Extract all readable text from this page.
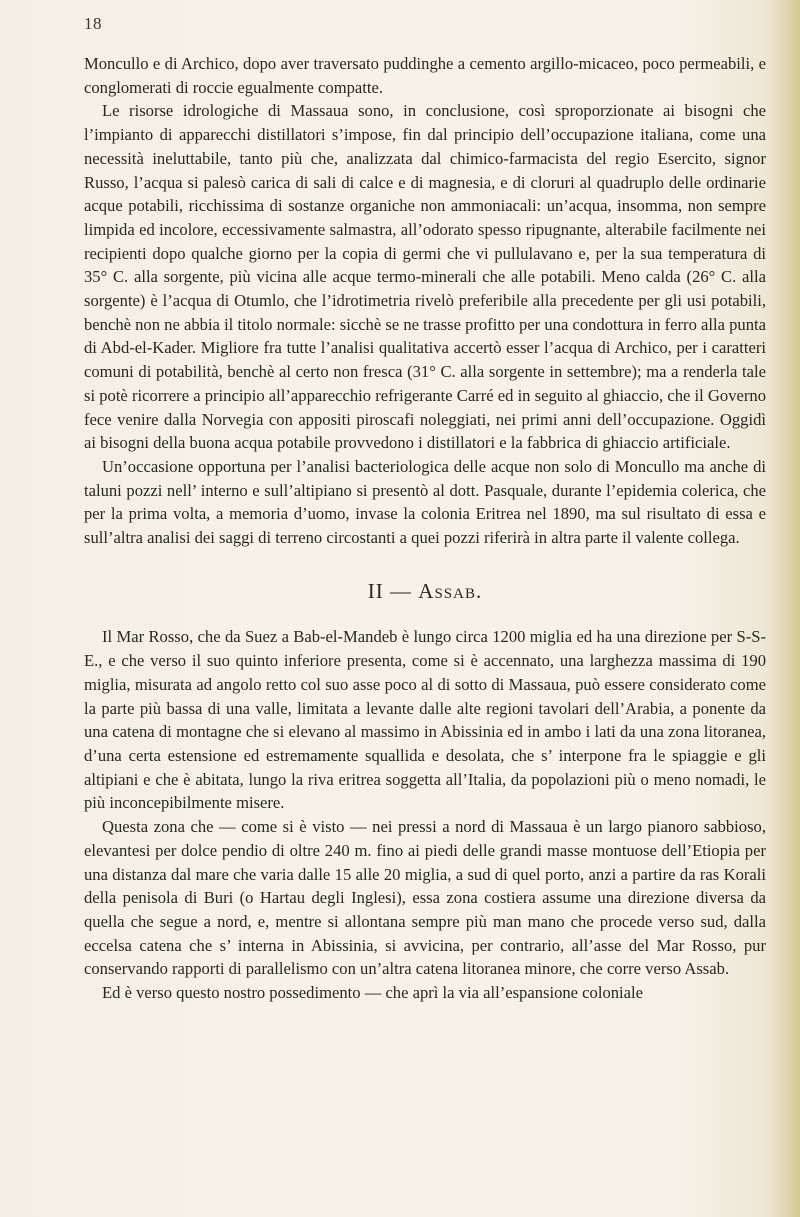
18

Moncullo e di Archico, dopo aver traversato puddinghe a cemento argillo-micaceo, poco permeabili, e conglomerati di roccie egualmente compatte.

Le risorse idrologiche di Massaua sono, in conclusione, così sproporzionate ai bisogni che l’impianto di apparecchi distillatori s’impose, fin dal principio dell’occupazione italiana, come una necessità ineluttabile, tanto più che, analizzata dal chimico-farmacista del regio Esercito, signor Russo, l’acqua si palesò carica di sali di calce e di magnesia, e di cloruri al quadruplo delle ordinarie acque potabili, ricchissima di sostanze organiche non ammoniacali: un’acqua, insomma, non sempre limpida ed incolore, eccessivamente salmastra, all’odorato spesso ripugnante, alterabile facilmente nei recipienti dopo qualche giorno per la copia di germi che vi pullulavano e, per la sua temperatura di 35° C. alla sorgente, più vicina alle acque termo-minerali che alle potabili. Meno calda (26° C. alla sorgente) è l’acqua di Otumlo, che l’idrotimetria rivelò preferibile alla precedente per gli usi potabili, benchè non ne abbia il titolo normale: sicchè se ne trasse profitto per una condottura in ferro alla punta di Abd-el-Kader. Migliore fra tutte l’analisi qualitativa accertò esser l’acqua di Archico, per i caratteri comuni di potabilità, benchè al certo non fresca (31° C. alla sorgente in settembre); ma a renderla tale si potè ricorrere a principio all’apparecchio refrigerante Carré ed in seguito al ghiaccio, che il Governo fece venire dalla Norvegia con appositi piroscafi noleggiati, nei primi anni dell’occupazione. Oggidì ai bisogni della buona acqua potabile provvedono i distillatori e la fabbrica di ghiaccio artificiale.

Un’occasione opportuna per l’analisi bacteriologica delle acque non solo di Moncullo ma anche di taluni pozzi nell’ interno e sull’altipiano si presentò al dott. Pasquale, durante l’epidemia colerica, che per la prima volta, a memoria d’uomo, invase la colonia Eritrea nel 1890, ma sul risultato di essa e sull’altra analisi dei saggi di terreno circostanti a quei pozzi riferirà in altra parte il valente collega.

II — Assab.

Il Mar Rosso, che da Suez a Bab-el-Mandeb è lungo circa 1200 miglia ed ha una direzione per S-S-E., e che verso il suo quinto inferiore presenta, come si è accennato, una larghezza massima di 190 miglia, misurata ad angolo retto col suo asse poco al di sotto di Massaua, può essere considerato come la parte più bassa di una valle, limitata a levante dalle alte regioni tavolari dell’Arabia, a ponente da una catena di montagne che si elevano al massimo in Abissinia ed in ambo i lati da una zona litoranea, d’una certa estensione ed estremamente squallida e desolata, che s’ interpone fra le spiaggie e gli altipiani e che è abitata, lungo la riva eritrea soggetta all’Italia, da popolazioni più o meno nomadi, le più inconcepibilmente misere.

Questa zona che — come si è visto — nei pressi a nord di Massaua è un largo pianoro sabbioso, elevantesi per dolce pendio di oltre 240 m. fino ai piedi delle grandi masse montuose dell’Etiopia per una distanza dal mare che varia dalle 15 alle 20 miglia, a sud di quel porto, anzi a partire da ras Korali della penisola di Buri (o Hartau degli Inglesi), essa zona costiera assume una direzione diversa da quella che segue a nord, e, mentre si allontana sempre più man mano che procede verso sud, dalla eccelsa catena che s’ interna in Abissinia, si avvicina, per contrario, all’asse del Mar Rosso, pur conservando rapporti di parallelismo con un’altra catena litoranea minore, che corre verso Assab.

Ed è verso questo nostro possedimento — che aprì la via all’espansione coloniale
